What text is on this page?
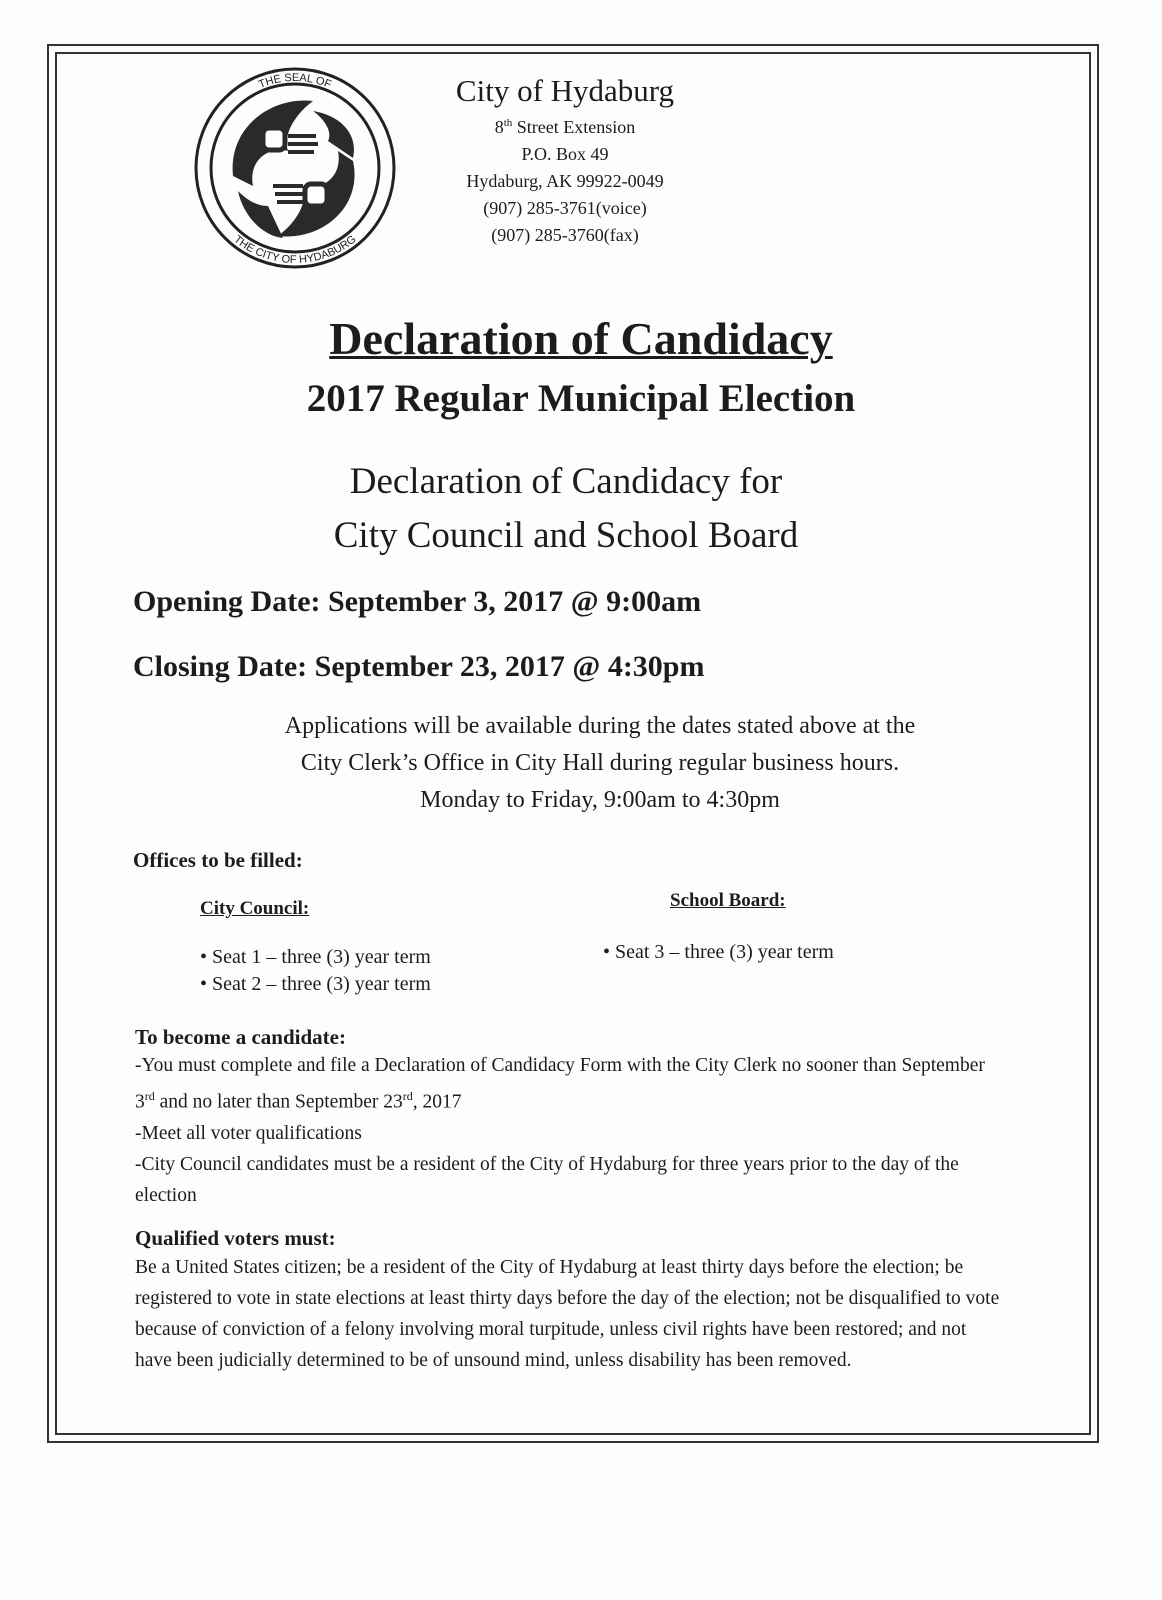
THE SEAL OF
THE CITY OF HYDABURG
City of Hydaburg
8th Street Extension
P.O. Box 49
Hydaburg, AK 99922-0049
(907) 285-3761(voice)
(907) 285-3760(fax)
Declaration of Candidacy
2017 Regular Municipal Election
Declaration of Candidacy for
City Council and School Board
Opening Date: September 3, 2017 @ 9:00am
Closing Date: September 23, 2017 @ 4:30pm
Applications will be available during the dates stated above at the
City Clerk’s Office in City Hall during regular business hours.
Monday to Friday, 9:00am to 4:30pm
Offices to be filled:
City Council:
• Seat 1 – three (3) year term
• Seat 2 – three (3) year term
School Board:
• Seat 3 – three (3) year term
To become a candidate:
-You must complete and file a Declaration of Candidacy Form with the City Clerk no sooner than September 3rd and no later than September 23rd, 2017
-Meet all voter qualifications
-City Council candidates must be a resident of the City of Hydaburg for three years prior to the day of the election
Qualified voters must:
Be a United States citizen; be a resident of the City of Hydaburg at least thirty days before the election; be registered to vote in state elections at least thirty days before the day of the election; not be disqualified to vote because of conviction of a felony involving moral turpitude, unless civil rights have been restored; and not have been judicially determined to be of unsound mind, unless disability has been removed.
